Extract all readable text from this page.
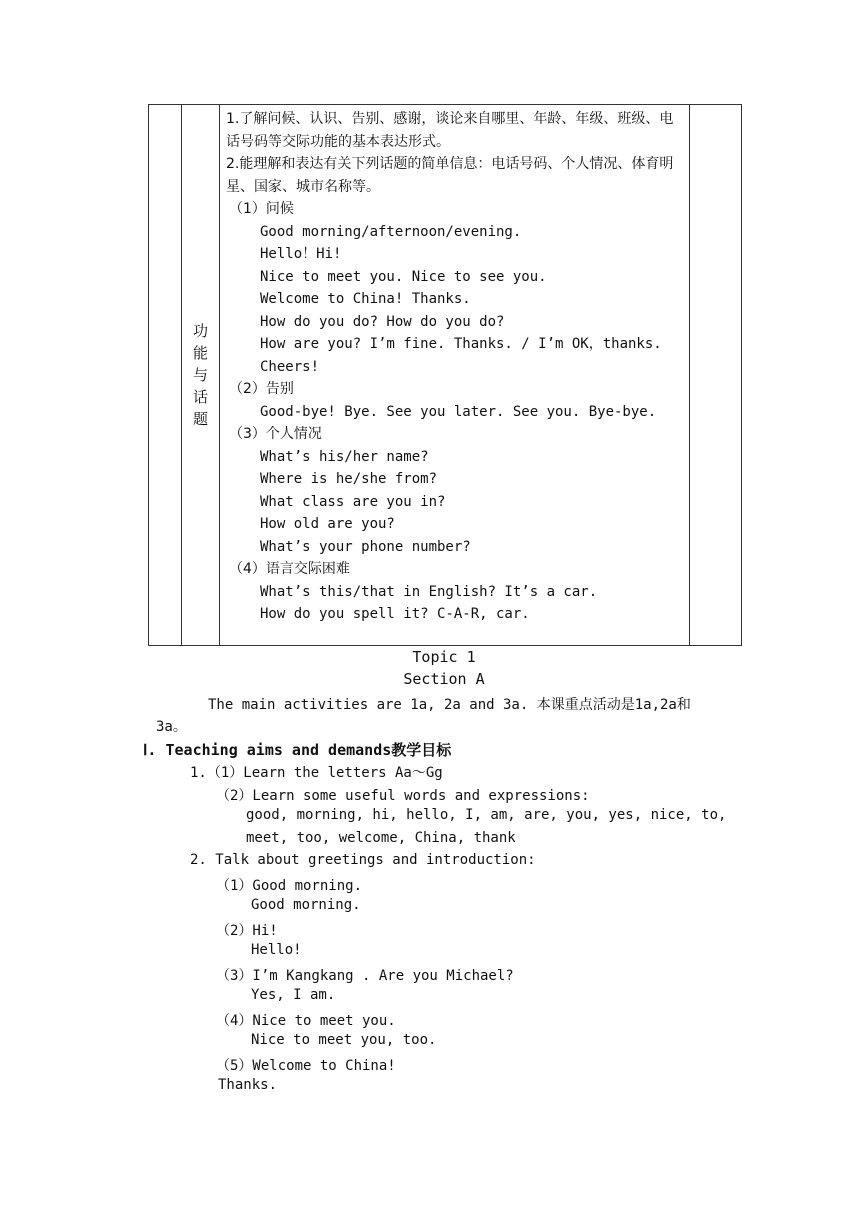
	功能与话题	
1.了解问候、认识、告别、感谢，谈论来自哪里、年龄、年级、班级、电话号码等交际功能的基本表达形式。
2.能理解和表达有关下列话题的简单信息：电话号码、个人情况、体育明星、国家、城市名称等。
（1）问候
Good morning/afternoon/evening.
Hello！Hi!
Nice to meet you. Nice to see you.
Welcome to China! Thanks.
How do you do? How do you do?
How are you? I’m fine. Thanks. / I’m OK，thanks.
Cheers!
（2）告别
Good-bye! Bye. See you later. See you. Bye-bye.
（3）个人情况
What’s his/her name?
Where is he/she from?
What class are you in?
How old are you?
What’s your phone number?
（4）语言交际困难
What’s this/that in English? It’s a car.
How do you spell it? C-A-R, car.

Topic 1
Section A
The main activities are 1a, 2a and 3a. 本课重点活动是1a,2a和
3a。
Ⅰ. Teaching aims and demands教学目标
1.（1）Learn the letters Aa～Gg
（2）Learn some useful words and expressions:
good, morning, hi, hello, I, am, are, you, yes, nice, to,
meet, too, welcome, China, thank
2. Talk about greetings and introduction:
（1）Good morning.
Good morning.
（2）Hi!
Hello!
（3）I’m Kangkang . Are you Michael?
Yes, I am.
（4）Nice to meet you.
Nice to meet you, too.
（5）Welcome to China!
Thanks.
